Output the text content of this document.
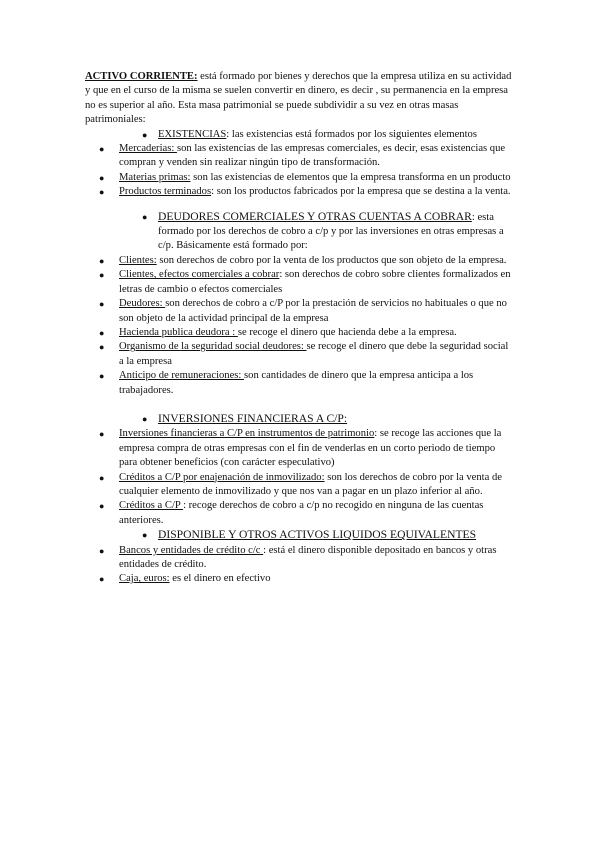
ACTIVO CORRIENTE: está formado por bienes y derechos que la empresa utiliza en su actividad y que en el curso de la misma se suelen convertir en dinero, es decir , su permanencia en la empresa no es superior al año. Esta masa patrimonial se puede subdividir a su vez en otras masas patrimoniales:

● EXISTENCIAS: las existencias está formados por los siguientes elementos

● Mercaderias: son las existencias de las empresas comerciales, es decir, esas existencias que compran y venden sin realizar ningún tipo de transformación.

● Materias primas: son las existencias de elementos que la empresa transforma en un producto

● Productos terminados: son los productos fabricados por la empresa que se destina a la venta.

● DEUDORES COMERCIALES Y OTRAS CUENTAS A COBRAR: esta formado por los derechos de cobro a c/p y por las inversiones en otras empresas a c/p. Básicamente está formado por:

● Clientes: son derechos de cobro por la venta de los productos que son objeto de la empresa.

● Clientes, efectos comerciales a cobrar: son derechos de cobro sobre clientes formalizados en letras de cambio o efectos comerciales

● Deudores: son derechos de cobro a c/P por la prestación de servicios no habituales o que no son objeto de la actividad principal de la empresa

● Hacienda publica deudora : se recoge el dinero que hacienda debe a la empresa.

● Organismo de la seguridad social deudores: se recoge el dinero que debe la seguridad social a la empresa

● Anticipo de remuneraciones: son cantidades de dinero que la empresa anticipa a los trabajadores.

● INVERSIONES FINANCIERAS A C/P:

● Inversiones financieras a C/P en instrumentos de patrimonio: se recoge las acciones que la empresa compra de otras empresas con el fin de venderlas en un corto periodo de tiempo para obtener beneficios (con carácter especulativo)

● Créditos a C/P por enajenación de inmovilizado: son los derechos de cobro por la venta de cualquier elemento de inmovilizado y que nos van a pagar en un plazo inferior al año.

● Créditos a C/P : recoge derechos de cobro a c/p no recogido en ninguna de las cuentas anteriores.

● DISPONIBLE Y OTROS ACTIVOS LIQUIDOS EQUIVALENTES

● Bancos y entidades de crédito c/c : está el dinero disponible depositado en bancos y otras entidades de crédito.

● Caja, euros: es el dinero en efectivo
